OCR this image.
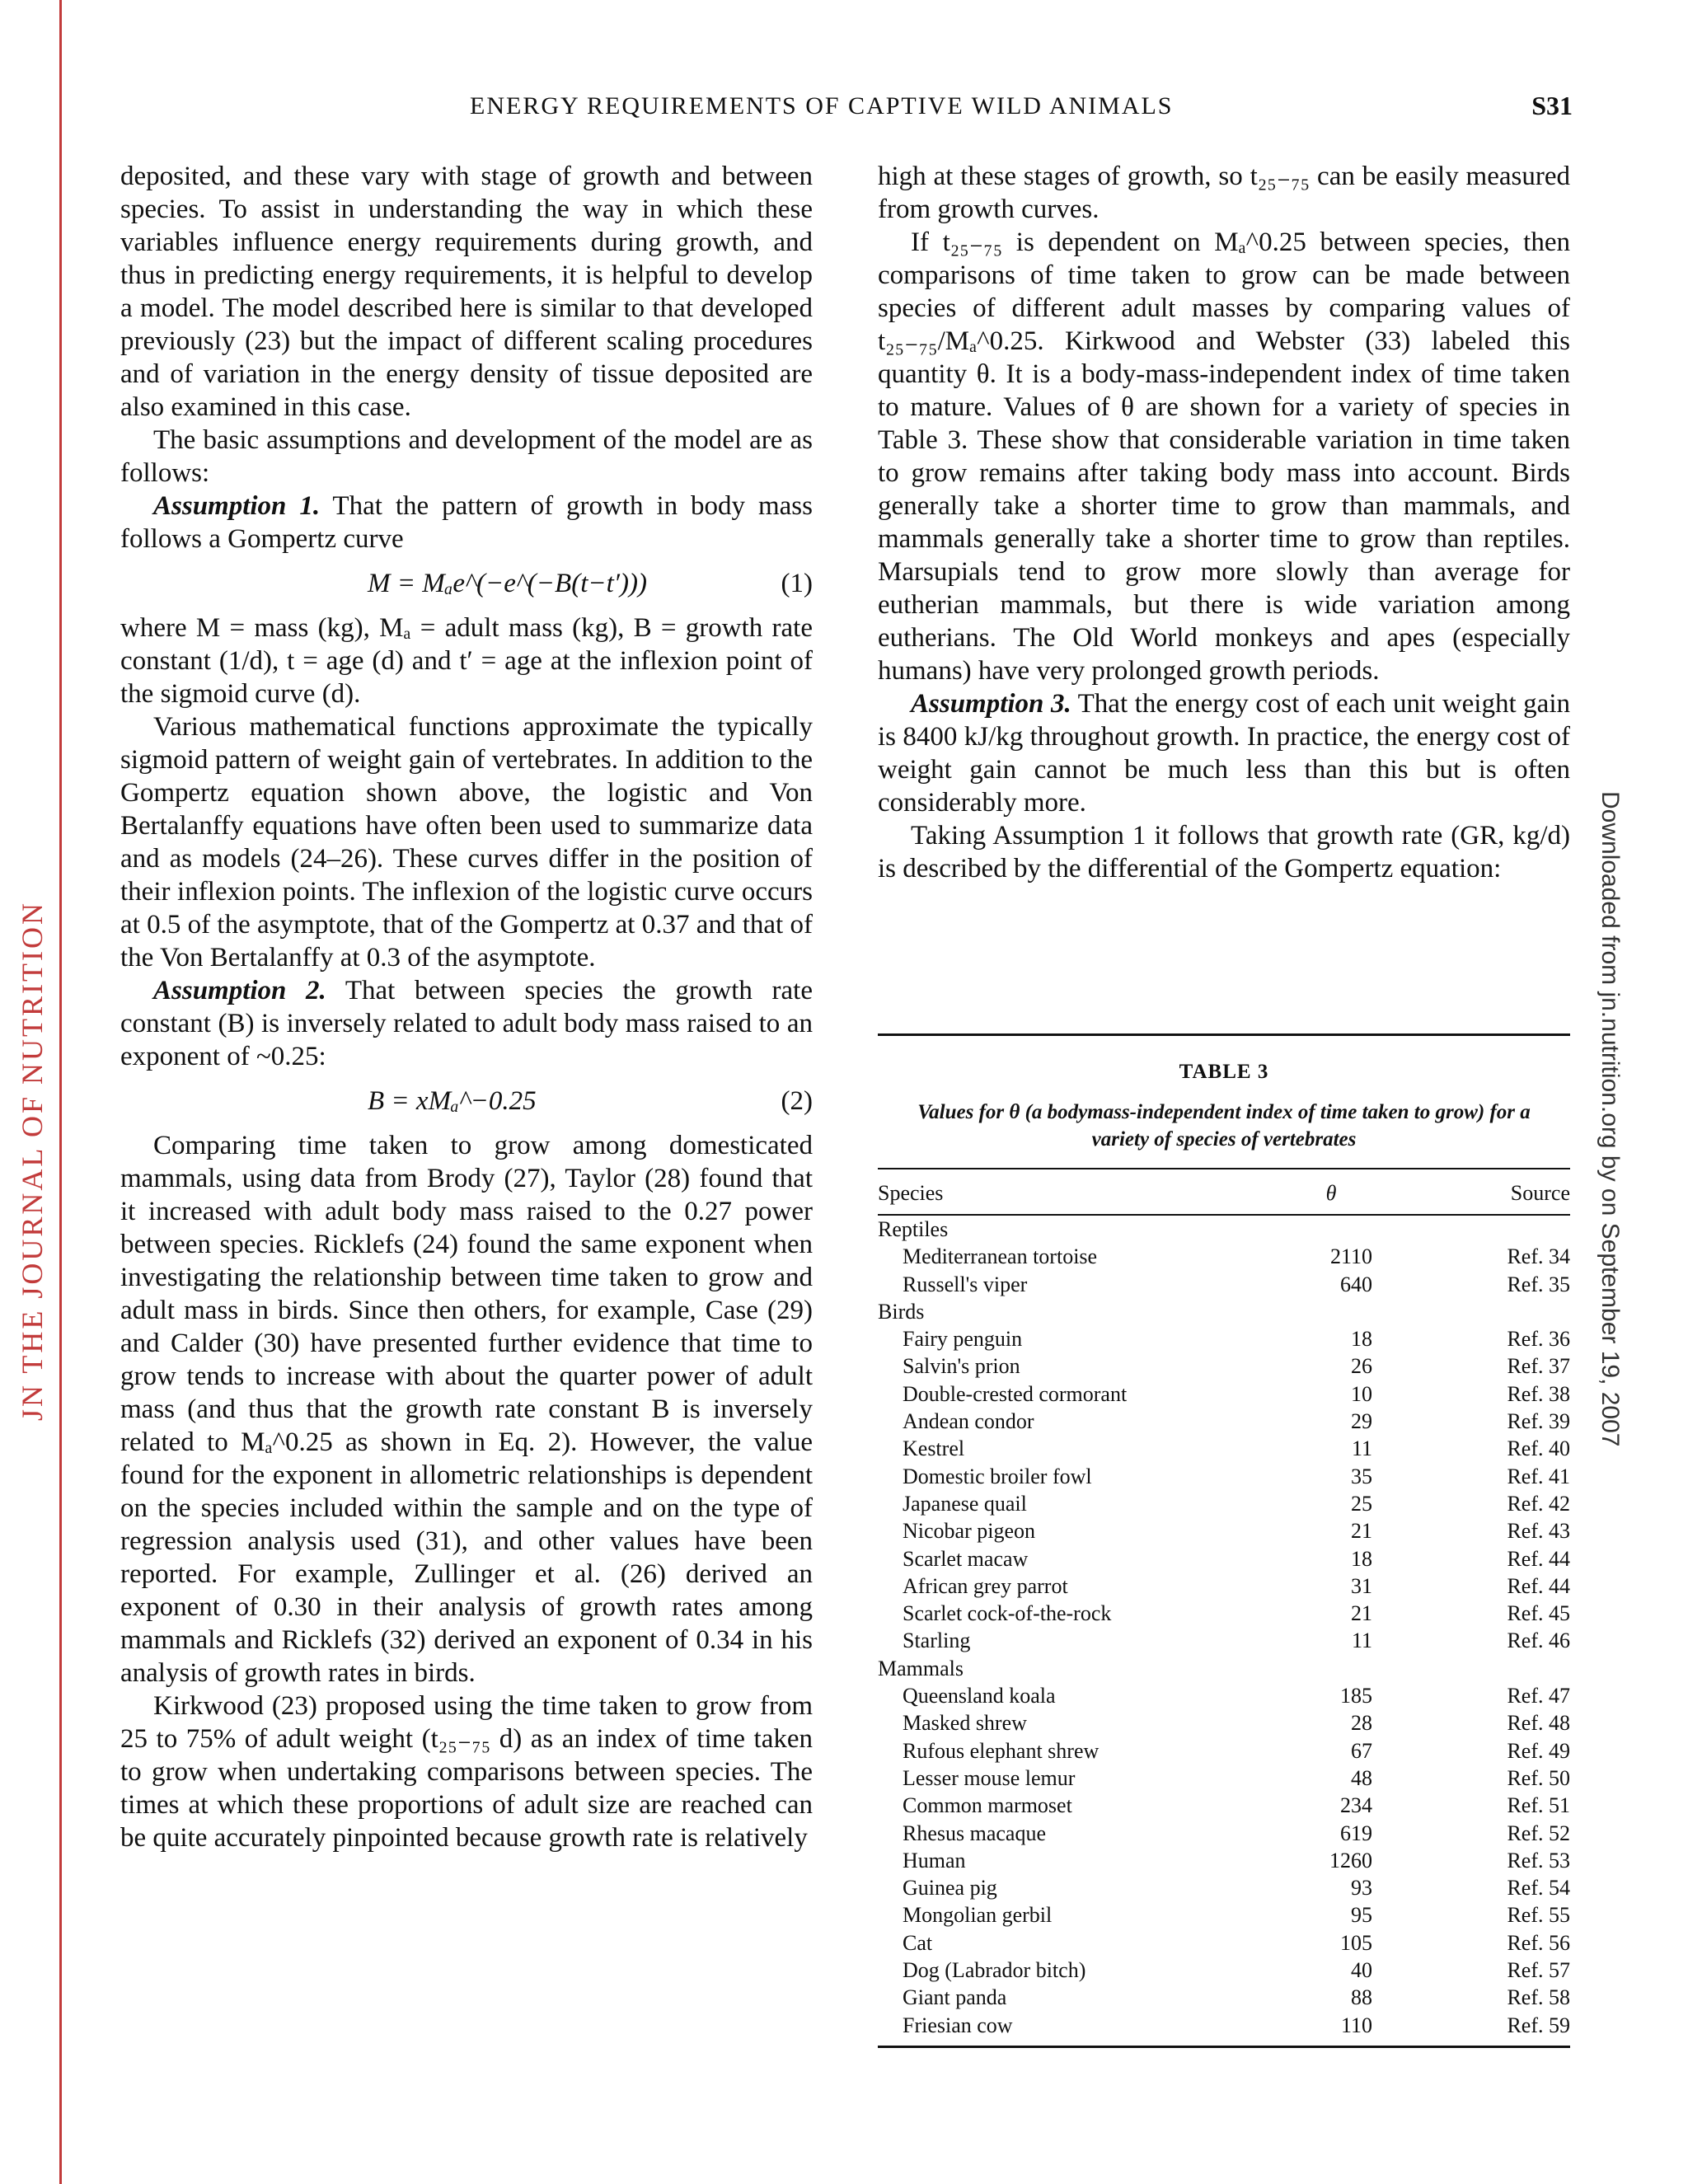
JN THE JOURNAL OF NUTRITION	Downloaded from jn.nutrition.org by on September 19, 2007
ENERGY REQUIREMENTS OF CAPTIVE WILD ANIMALS	S31

deposited, and these vary with stage of growth and between species. To assist in understanding the way in which these variables influence energy requirements during growth, and thus in predicting energy requirements, it is helpful to develop a model. The model described here is similar to that developed previously (23) but the impact of different scaling procedures and of variation in the energy density of tissue deposited are also examined in this case.

The basic assumptions and development of the model are as follows:

Assumption 1. That the pattern of growth in body mass follows a Gompertz curve

M = Mₐe^(−e^(−B(t−t′)))	(1)

where M = mass (kg), Mₐ = adult mass (kg), B = growth rate constant (1/d), t = age (d) and t′ = age at the inflexion point of the sigmoid curve (d).

Various mathematical functions approximate the typically sigmoid pattern of weight gain of vertebrates. In addition to the Gompertz equation shown above, the logistic and Von Bertalanffy equations have often been used to summarize data and as models (24–26). These curves differ in the position of their inflexion points. The inflexion of the logistic curve occurs at 0.5 of the asymptote, that of the Gompertz at 0.37 and that of the Von Bertalanffy at 0.3 of the asymptote.

Assumption 2. That between species the growth rate constant (B) is inversely related to adult body mass raised to an exponent of ~0.25:

B = xMₐ^−0.25	(2)

Comparing time taken to grow among domesticated mammals, using data from Brody (27), Taylor (28) found that it increased with adult body mass raised to the 0.27 power between species. Ricklefs (24) found the same exponent when investigating the relationship between time taken to grow and adult mass in birds. Since then others, for example, Case (29) and Calder (30) have presented further evidence that time to grow tends to increase with about the quarter power of adult mass (and thus that the growth rate constant B is inversely related to Mₐ^0.25 as shown in Eq. 2). However, the value found for the exponent in allometric relationships is dependent on the species included within the sample and on the type of regression analysis used (31), and other values have been reported. For example, Zullinger et al. (26) derived an exponent of 0.30 in their analysis of growth rates among mammals and Ricklefs (32) derived an exponent of 0.34 in his analysis of growth rates in birds.

Kirkwood (23) proposed using the time taken to grow from 25 to 75% of adult weight (t₂₅₋₇₅ d) as an index of time taken to grow when undertaking comparisons between species. The times at which these proportions of adult size are reached can be quite accurately pinpointed because growth rate is relatively

high at these stages of growth, so t₂₅₋₇₅ can be easily measured from growth curves.

If t₂₅₋₇₅ is dependent on Mₐ^0.25 between species, then comparisons of time taken to grow can be made between species of different adult masses by comparing values of t₂₅₋₇₅/Mₐ^0.25. Kirkwood and Webster (33) labeled this quantity θ. It is a body-mass-independent index of time taken to mature. Values of θ are shown for a variety of species in Table 3. These show that considerable variation in time taken to grow remains after taking body mass into account. Birds generally take a shorter time to grow than mammals, and mammals generally take a shorter time to grow than reptiles. Marsupials tend to grow more slowly than average for eutherian mammals, but there is wide variation among eutherians. The Old World monkeys and apes (especially humans) have very prolonged growth periods.

Assumption 3. That the energy cost of each unit weight gain is 8400 kJ/kg throughout growth. In practice, the energy cost of weight gain cannot be much less than this but is often considerably more.

Taking Assumption 1 it follows that growth rate (GR, kg/d) is described by the differential of the Gompertz equation:

TABLE 3
Values for θ (a bodymass-independent index of time taken to grow) for a variety of species of vertebrates
Species	θ	Source
Reptiles		
Mediterranean tortoise	2110	Ref. 34
Russell's viper	640	Ref. 35
Birds		
Fairy penguin	18	Ref. 36
Salvin's prion	26	Ref. 37
Double-crested cormorant	10	Ref. 38
Andean condor	29	Ref. 39
Kestrel	11	Ref. 40
Domestic broiler fowl	35	Ref. 41
Japanese quail	25	Ref. 42
Nicobar pigeon	21	Ref. 43
Scarlet macaw	18	Ref. 44
African grey parrot	31	Ref. 44
Scarlet cock-of-the-rock	21	Ref. 45
Starling	11	Ref. 46
Mammals		
Queensland koala	185	Ref. 47
Masked shrew	28	Ref. 48
Rufous elephant shrew	67	Ref. 49
Lesser mouse lemur	48	Ref. 50
Common marmoset	234	Ref. 51
Rhesus macaque	619	Ref. 52
Human	1260	Ref. 53
Guinea pig	93	Ref. 54
Mongolian gerbil	95	Ref. 55
Cat	105	Ref. 56
Dog (Labrador bitch)	40	Ref. 57
Giant panda	88	Ref. 58
Friesian cow	110	Ref. 59
